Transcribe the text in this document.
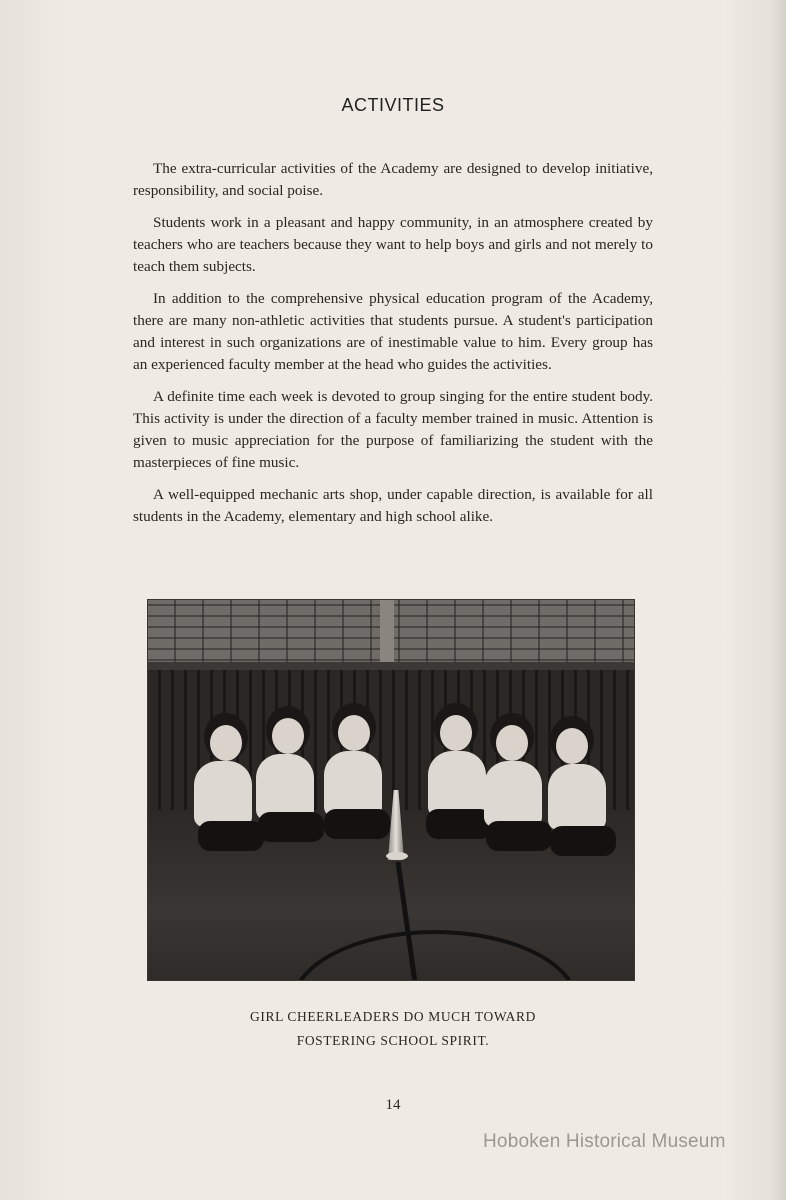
ACTIVITIES

The extra-curricular activities of the Academy are designed to develop initiative, responsibility, and social poise.

Students work in a pleasant and happy community, in an atmosphere created by teachers who are teachers because they want to help boys and girls and not merely to teach them subjects.

In addition to the comprehensive physical education program of the Academy, there are many non-athletic activities that students pursue. A student's participation and interest in such organizations are of inestimable value to him. Every group has an experienced faculty member at the head who guides the activities.

A definite time each week is devoted to group singing for the entire student body. This activity is under the direction of a faculty member trained in music. Attention is given to music appreciation for the purpose of familiarizing the student with the masterpieces of fine music.

A well-equipped mechanic arts shop, under capable direction, is available for all students in the Academy, elementary and high school alike.

GIRL CHEERLEADERS DO MUCH TOWARD
FOSTERING SCHOOL SPIRIT.
14
Hoboken Historical Museum
